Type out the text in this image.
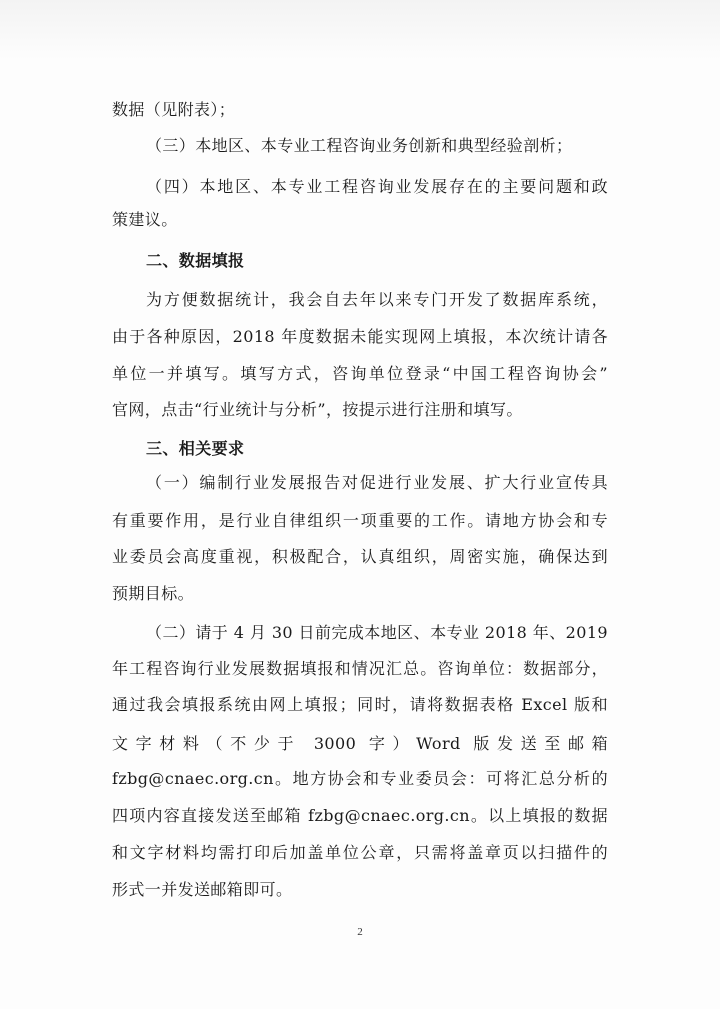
数据（见附表）；
（三）本地区、本专业工程咨询业务创新和典型经验剖析；
（四）本地区、本专业工程咨询业发展存在的主要问题和政
策建议。
二、数据填报
为方便数据统计，我会自去年以来专门开发了数据库系统，
由于各种原因，2018 年度数据未能实现网上填报，本次统计请各
单位一并填写。填写方式，咨询单位登录“中国工程咨询协会”
官网，点击“行业统计与分析”，按提示进行注册和填写。
三、相关要求
（一）编制行业发展报告对促进行业发展、扩大行业宣传具
有重要作用，是行业自律组织一项重要的工作。请地方协会和专
业委员会高度重视，积极配合，认真组织，周密实施，确保达到
预期目标。
（二）请于 4 月 30 日前完成本地区、本专业 2018 年、2019
年工程咨询行业发展数据填报和情况汇总。咨询单位：数据部分，
通过我会填报系统由网上填报；同时，请将数据表格 Excel 版和
文字材料（不少于 3000 字）Word 版发送至邮箱
fzbg@cnaec.org.cn。地方协会和专业委员会：可将汇总分析的
四项内容直接发送至邮箱 fzbg@cnaec.org.cn。以上填报的数据
和文字材料均需打印后加盖单位公章，只需将盖章页以扫描件的
形式一并发送邮箱即可。
2
